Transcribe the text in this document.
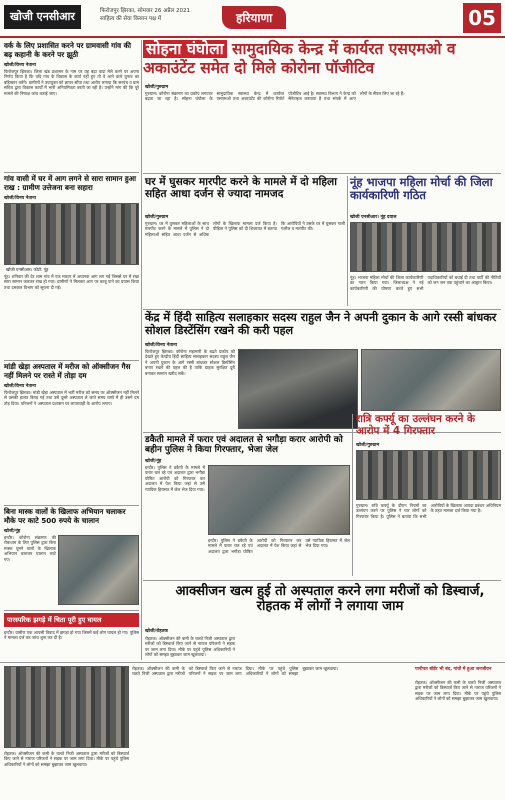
खोजी एनसीआर	फिरोजपुर झिरका, सोमवार 26 अप्रैल 2021
साहित्य की सेवा किसान पक्ष में	हरियाणा	05
वर्क के लिए प्रशासित करने पर ग्रामवासी गांव की बढ़ कहानी के करने पर झूठी
खोजी/विनय नेताना
फिरोजपुर झिरका। जिला खंड प्रशासन के नाम पर यह बढ़ा वादा मेले करने पर अपना निर्णय किया है कि यदि गांव के विकास के कार्य नहीं हुए तो वे आने वाले चुनाव का बहिष्कार करेंगे। ग्रामीणों ने उपायुक्त को ज्ञापन सौंपा तथा आरोप लगाया कि सरपंच व ग्राम सचिव द्वारा विकास कार्यों में भारी अनियमितता बरती जा रही है। उन्होंने मांग की कि पूरे मामले की निष्पक्ष जांच कराई जाए।
गांव वासी में घर में आग लगने से सारा सामान हुआ राख : ग्रामीण उत्तेजना बना सहारा
खोजी/विनय नेताना
खोजी एनसीआर। फोटो: नूंह
नूंह। शनिवार की देर शाम गांव में एक मकान में अचानक आग लग गई जिससे घर में रखा सारा सामान जलकर राख हो गया। ग्रामीणों ने मिलकर आग पर काबू पाने का प्रयास किया तथा दमकल विभाग को सूचना दी गई।
मांडी खेड़ा अस्पताल में मरीज को ऑक्सीजन गैस नहीं मिलने पर रास्ते में तोड़ा दम
खोजी/विनय नेताना
फिरोजपुर झिरका। मांडी खेड़ा अस्पताल में भर्ती मरीज को समय पर ऑक्सीजन नहीं मिलने से उसकी हालत बिगड़ गई तथा उसे दूसरे अस्पताल ले जाते समय रास्ते में ही उसने दम तोड़ दिया। परिजनों ने अस्पताल प्रशासन पर लापरवाही के आरोप लगाए।
बिना मास्क वालों के खिलाफ अभियान चलाकर मौके पर काटे 500 रुपये के चालान
खोजी/नूंह
इन्दौर। कोरोना संक्रमण की रोकथाम के लिए पुलिस द्वारा बिना मास्क घूमने वालों के खिलाफ अभियान चलाकर चालान काटे गए।
पारस्परिक झगड़े में चिता पूरी हुए घायल
इन्दौर। ग्रामीण एक आपसी विवाद में झगड़ा हो गया जिसमें कई लोग घायल हो गए। पुलिस ने मामला दर्ज कर जांच शुरू कर दी है।
सोहना घंघोला सामुदायिक केन्द्र में कार्यरत एसएमओ व अकाउंटेंट समेत दो मिले कोरोना पॉजीटिव
खोजी/गुरुग्राम
गुरुग्राम। कोरोना संक्रमण का प्रकोप लगातार बढ़ता जा रहा है। सोहना घंघोला के सामुदायिक स्वास्थ्य केन्द्र में कार्यरत एसएमओ तथा अकाउंटेंट की कोरोना रिपोर्ट पॉजीटिव आई है। स्वास्थ्य विभाग ने केन्द्र को सैनेटाइज करवाया है तथा संपर्क में आए लोगों के सैंपल लिए जा रहे हैं।
घर में घुसकर मारपीट करने के मामले में दो महिला सहित आधा दर्जन से ज्यादा नामजद
खोजी/गुरुग्राम
गुरुग्राम। घर में घुसकर महिलाओं के साथ मारपीट करने के मामले में पुलिस ने दो महिलाओं सहित आधा दर्जन से अधिक लोगों के खिलाफ मामला दर्ज किया है। पीड़िता ने पुलिस को दी शिकायत में बताया कि आरोपियों ने उसके घर में घुसकर गाली गलौज व मारपीट की।
नूंह भाजपा महिला मोर्चा की जिला कार्यकारिणी गठित
खोजी एनसीआर। नूंह दयाल
नूंह। भाजपा महिला मोर्चा की जिला कार्यकारिणी का गठन किया गया। जिलाध्यक्ष ने नई कार्यकारिणी की घोषणा करते हुए सभी पदाधिकारियों को बधाई दी तथा पार्टी की नीतियों को जन जन तक पहुंचाने का आह्वान किया।
केंद्र में हिंदी साहित्य सलाहकार सदस्य राहुल जैन ने अपनी दुकान के आगे रस्सी बांधकर सोशल डिस्टेंसिंग रखने की करी पहल
खोजी/विनय नेताना
फिरोजपुर झिरका। कोरोना महामारी के बढ़ते प्रकोप को देखते हुए केन्द्रीय हिंदी साहित्य सलाहकार सदस्य राहुल जैन ने अपनी दुकान के आगे रस्सी बांधकर सोशल डिस्टेंसिंग बनाए रखने की पहल की है ताकि ग्राहक सुरक्षित दूरी बनाकर सामान खरीद सकें।
डकैती मामले में फरार एवं अदालत से भगौड़ा करार आरोपी को बहीन पुलिस ने किया गिरफ्तार, भेजा जेल
खोजी/नूंह
इन्दौर। पुलिस ने डकैती के मामले में फरार चल रहे एवं अदालत द्वारा भगौड़ा घोषित आरोपी को गिरफ्तार कर अदालत में पेश किया जहां से उसे न्यायिक हिरासत में जेल भेज दिया गया।
इन्दौर। पुलिस ने डकैती के मामले में फरार चल रहे एवं अदालत द्वारा भगौड़ा घोषित आरोपी को गिरफ्तार कर अदालत में पेश किया जहां से उसे न्यायिक हिरासत में जेल भेज दिया गया।
रात्रि कर्फ्यू का उल्लंघन करने के आरोप में 4 गिरफ्तार
खोजी/गुरुग्राम
गुरुग्राम। रात्रि कर्फ्यू के दौरान नियमों का उल्लंघन करने पर पुलिस ने चार लोगों को गिरफ्तार किया है। पुलिस ने बताया कि सभी आरोपियों के खिलाफ आपदा प्रबंधन अधिनियम के तहत मामला दर्ज किया गया है।
आक्सीजन खत्म हुई तो अस्पताल करने लगा मरीजों को डिस्चार्ज, रोहतक में लोगों ने लगाया जाम
खोजी/रोहतक
रोहतक। ऑक्सीजन की कमी के चलते निजी अस्पताल द्वारा मरीजों को डिस्चार्ज किए जाने से नाराज परिजनों ने सड़क पर जाम लगा दिया। मौके पर पहुंचे पुलिस अधिकारियों ने लोगों को समझा बुझाकर जाम खुलवाया।
रोहतक। ऑक्सीजन की कमी के चलते निजी अस्पताल द्वारा मरीजों को डिस्चार्ज किए जाने से नाराज परिजनों ने सड़क पर जाम लगा दिया। मौके पर पहुंचे पुलिस अधिकारियों ने लोगों को समझा बुझाकर जाम खुलवाया।	पानीपत बॉर्डर भी बंद, गांवों में हुआ जनजीवन
रोहतक। ऑक्सीजन की कमी के चलते निजी अस्पताल द्वारा मरीजों को डिस्चार्ज किए जाने से नाराज परिजनों ने सड़क पर जाम लगा दिया। मौके पर पहुंचे पुलिस अधिकारियों ने लोगों को समझा बुझाकर जाम खुलवाया।
रोहतक। ऑक्सीजन की कमी के चलते निजी अस्पताल द्वारा मरीजों को डिस्चार्ज किए जाने से नाराज परिजनों ने सड़क पर जाम लगा दिया। मौके पर पहुंचे पुलिस अधिकारियों ने लोगों को समझा बुझाकर जाम खुलवाया।
